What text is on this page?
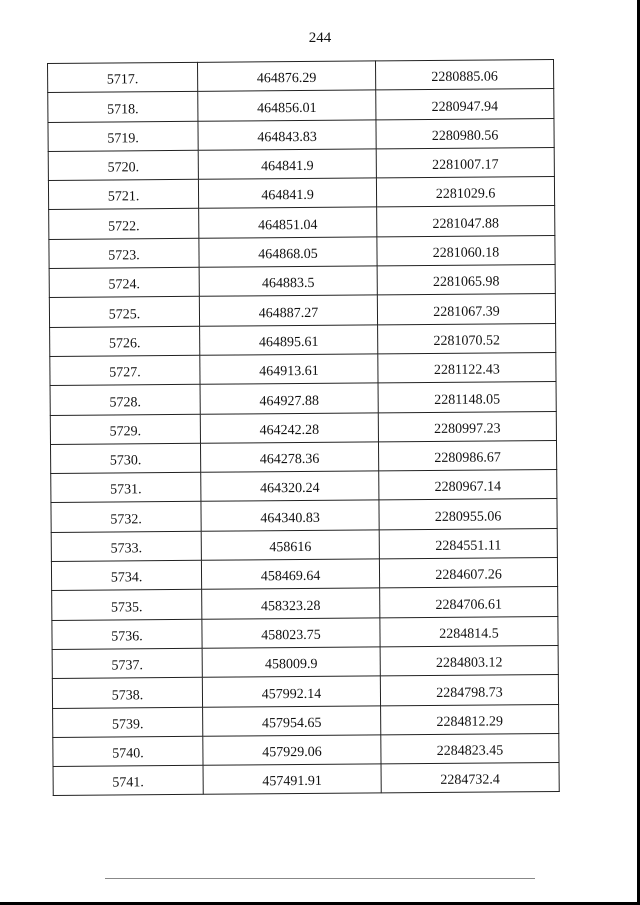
244
5717.	464876.29	2280885.06
5718.	464856.01	2280947.94
5719.	464843.83	2280980.56
5720.	464841.9	2281007.17
5721.	464841.9	2281029.6
5722.	464851.04	2281047.88
5723.	464868.05	2281060.18
5724.	464883.5	2281065.98
5725.	464887.27	2281067.39
5726.	464895.61	2281070.52
5727.	464913.61	2281122.43
5728.	464927.88	2281148.05
5729.	464242.28	2280997.23
5730.	464278.36	2280986.67
5731.	464320.24	2280967.14
5732.	464340.83	2280955.06
5733.	458616	2284551.11
5734.	458469.64	2284607.26
5735.	458323.28	2284706.61
5736.	458023.75	2284814.5
5737.	458009.9	2284803.12
5738.	457992.14	2284798.73
5739.	457954.65	2284812.29
5740.	457929.06	2284823.45
5741.	457491.91	2284732.4
